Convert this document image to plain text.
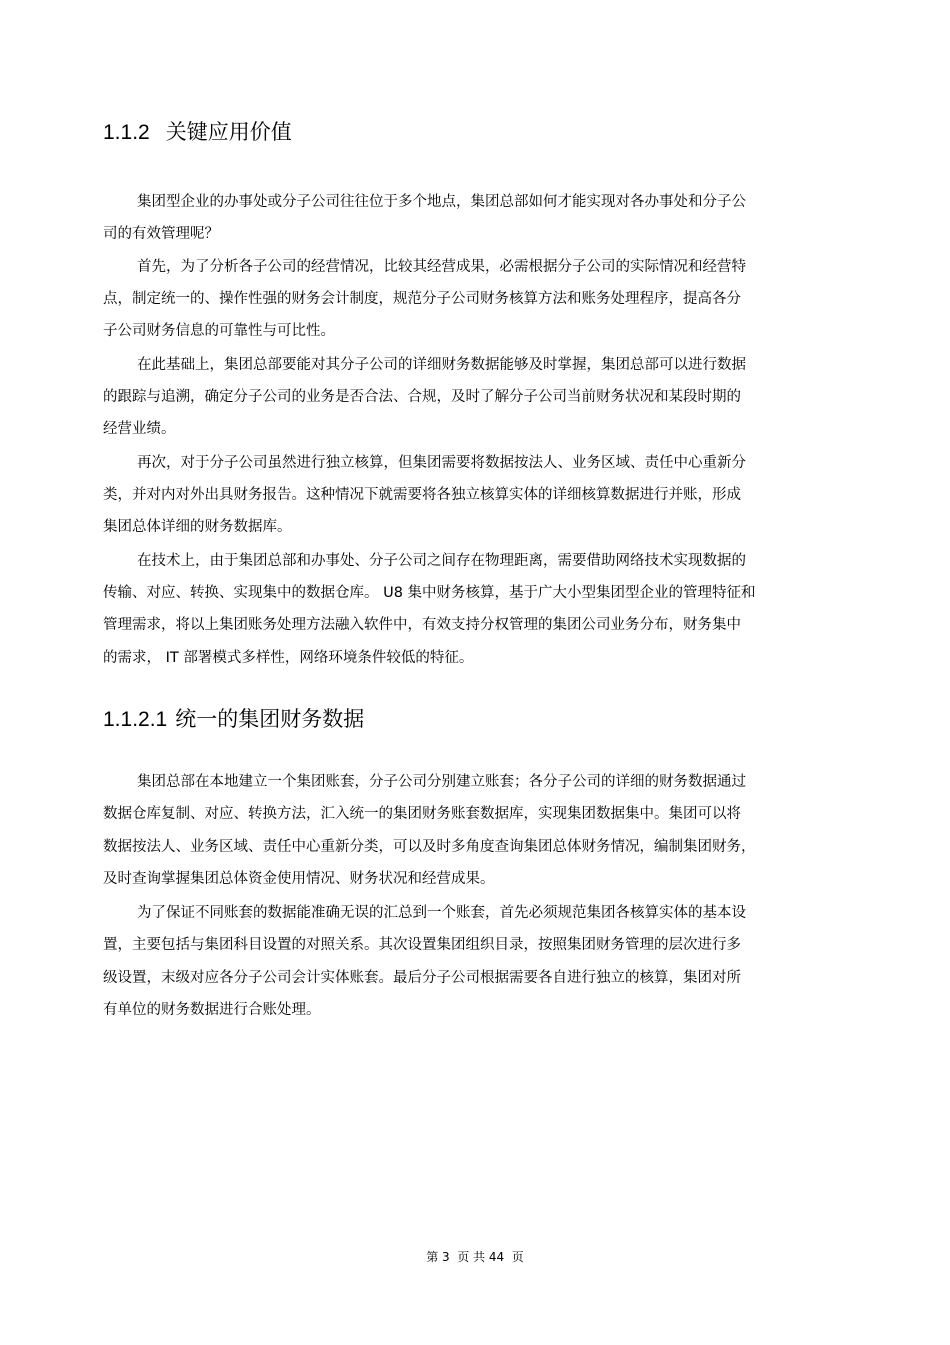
1.1.2 关键应用价值
集团型企业的办事处或分子公司往往位于多个地点，集团总部如何才能实现对各办事处和分子公
司的有效管理呢？
首先，为了分析各子公司的经营情况，比较其经营成果，必需根据分子公司的实际情况和经营特
点，制定统一的、操作性强的财务会计制度，规范分子公司财务核算方法和账务处理程序，提高各分
子公司财务信息的可靠性与可比性。
在此基础上，集团总部要能对其分子公司的详细财务数据能够及时掌握，集团总部可以进行数据
的跟踪与追溯，确定分子公司的业务是否合法、合规，及时了解分子公司当前财务状况和某段时期的
经营业绩。
再次，对于分子公司虽然进行独立核算，但集团需要将数据按法人、业务区域、责任中心重新分
类，并对内对外出具财务报告。这种情况下就需要将各独立核算实体的详细核算数据进行并账，形成
集团总体详细的财务数据库。
在技术上，由于集团总部和办事处、分子公司之间存在物理距离，需要借助网络技术实现数据的
传输、对应、转换、实现集中的数据仓库。 U8 集中财务核算，基于广大小型集团型企业的管理特征和
管理需求，将以上集团账务处理方法融入软件中，有效支持分权管理的集团公司业务分布，财务集中
的需求， IT 部署模式多样性，网络环境条件较低的特征。
1.1.2.1 统一的集团财务数据
集团总部在本地建立一个集团账套，分子公司分别建立账套；各分子公司的详细的财务数据通过
数据仓库复制、对应、转换方法，汇入统一的集团财务账套数据库，实现集团数据集中。集团可以将
数据按法人、业务区域、责任中心重新分类，可以及时多角度查询集团总体财务情况，编制集团财务，
及时查询掌握集团总体资金使用情况、财务状况和经营成果。
为了保证不同账套的数据能准确无误的汇总到一个账套，首先必须规范集团各核算实体的基本设
置，主要包括与集团科目设置的对照关系。其次设置集团组织目录，按照集团财务管理的层次进行多
级设置，末级对应各分子公司会计实体账套。最后分子公司根据需要各自进行独立的核算，集团对所
有单位的财务数据进行合账处理。
第 3  页 共 44  页
